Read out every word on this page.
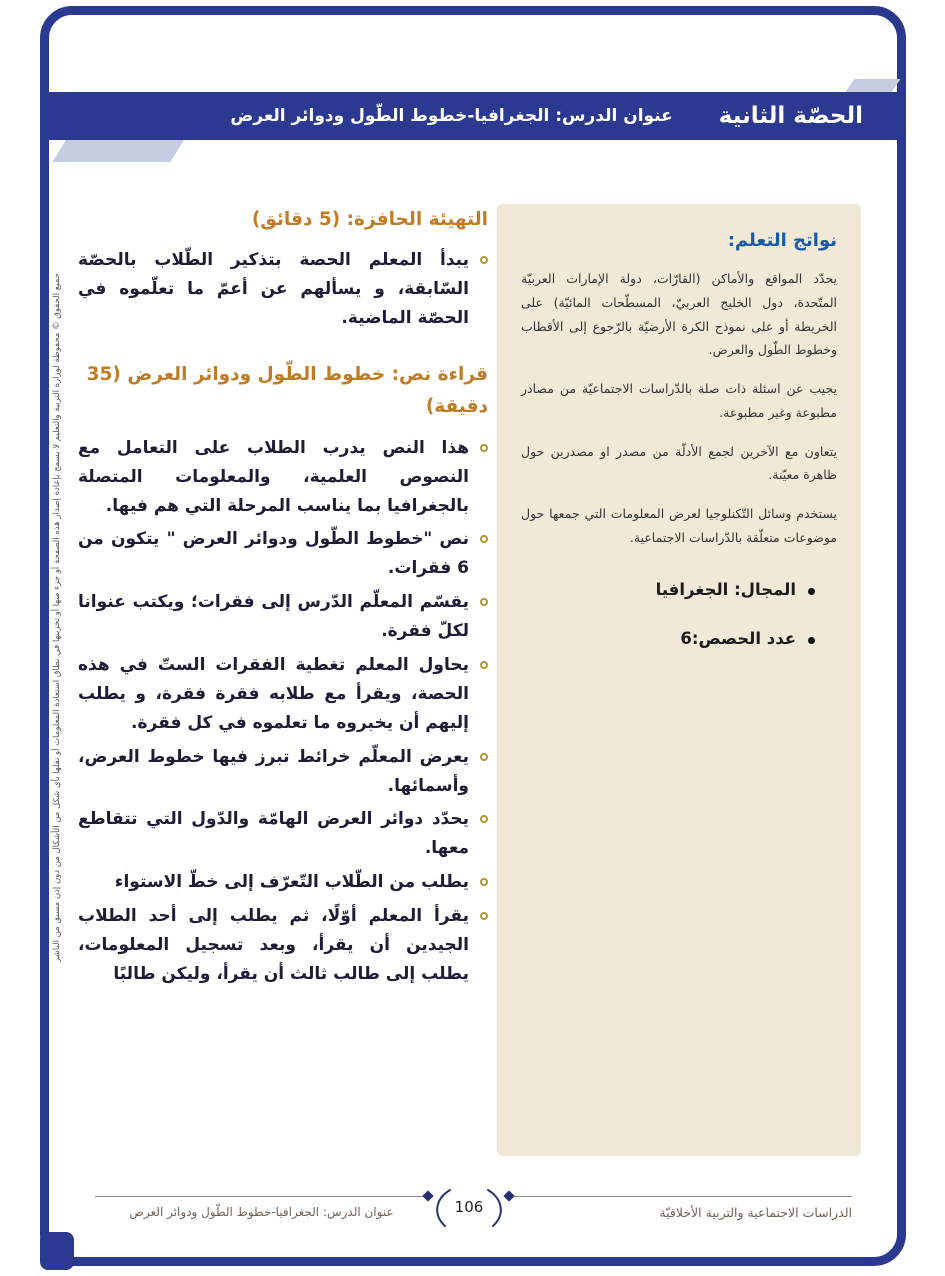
الحصّة الثانية
عنوان الدرس: الجغرافيا-خطوط الطّول ودوائر العرض
نواتج التعلم:

يحدّد المواقع والأماكن (القارّات، دولة الإمارات العربيّة المتّحدة، دول الخليج العربيّ، المسطّحات المائيّة) على الخريطة أو على نموذج الكرة الأرضيّة بالرّجوع إلى الأقطاب وخطوط الطّول والعرض.

يجيب عن اسئلة ذات صلة بالدّراسات الاجتماعيّة من مصادر مطبوعة وغير مطبوعة.

يتعاون مع الآخرين لجمع الأدلّة من مصدر او مصدرين حول ظاهرة معيّنة.

يستخدم وسائل التّكنلوجيا لعرض المعلومات التي جمعها حول موضوعات متعلّقة بالدّراسات الاجتماعية.

المجال: الجغرافيا
عدد الحصص:6
التهيئة الحافزة: (5 دقائق)

يبدأ المعلم الحصة بتذكير الطّلاب بالحصّة السّابقة، و يسألهم عن أعمّ ما تعلّموه في الحصّة الماضية.

قراءة نص: خطوط الطّول ودوائر العرض (35 دقيقة)

هذا النص يدرب الطلاب على التعامل مع النصوص العلمية، والمعلومات المتصلة بالجغرافيا بما يناسب المرحلة التي هم فيها.

نص "خطوط الطّول ودوائر العرض " يتكون من 6 فقرات.

يقسّم المعلّم الدّرس إلى فقرات؛ ويكتب عنوانا لكلّ فقرة.

يحاول المعلم تغطية الفقرات الستّ في هذه الحصة، ويقرأ مع طلابه فقرة فقرة، و يطلب إليهم أن يخبروه ما تعلموه في كل فقرة.

يعرض المعلّم خرائط تبرز فيها خطوط العرض، وأسمائها.

يحدّد دوائر العرض الهامّة والدّول التي تتقاطع معها.

يطلب من الطّلاب التّعرّف إلى خطّ الاستواء

يقرأ المعلم أوّلًا، ثم يطلب إلى أحد الطلاب الجيدين أن يقرأ، وبعد تسجيل المعلومات، يطلب إلى طالب ثالث أن يقرأ، وليكن طالبًا

جميع الحقوق © محفوظة لوزارة التربية والتعليم لا يسمح بإعادة إصدار هذه الصفحة أو جزء منها أو تخزينها في نطاق استعادة المعلومات أو نقلها بأي شكل من الأشكال من دون إذن مسبق من الناشر
عنوان الدرس: الجغرافيا-خطوط الطّول ودوائر العرض	الدراسات الاجتماعية والتربية الأخلاقيّة
106
